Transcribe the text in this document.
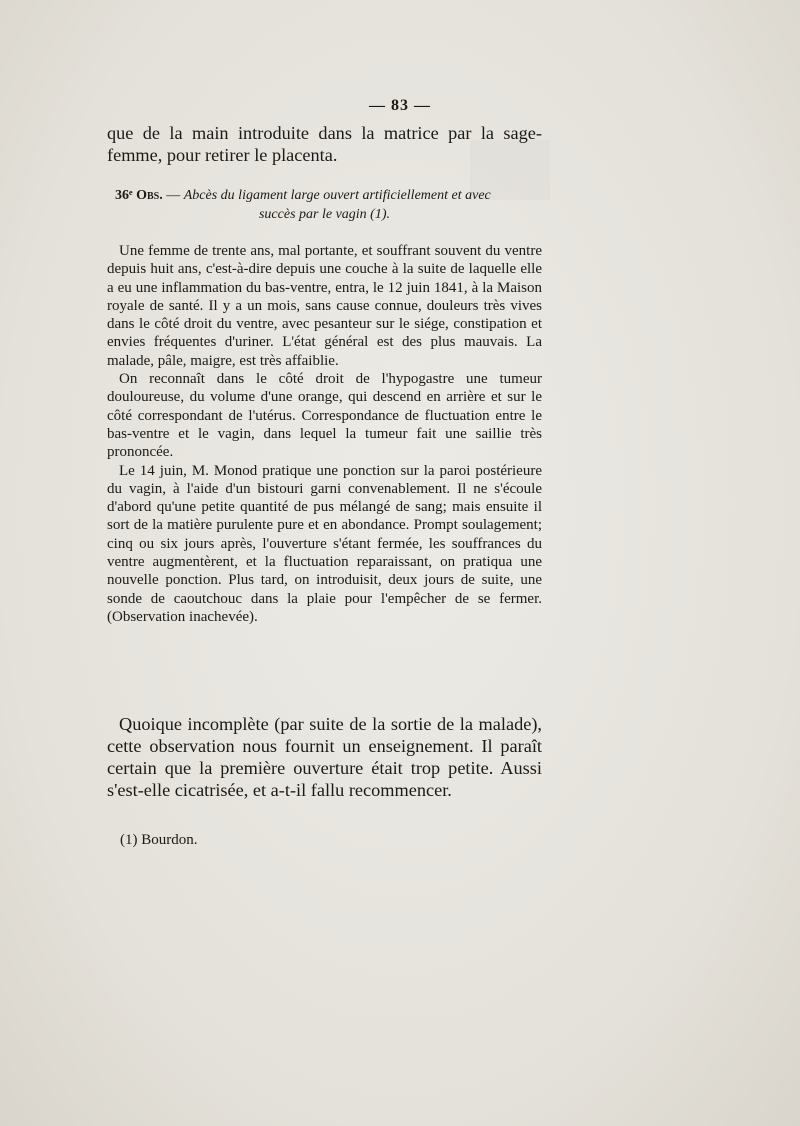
— 83 —

que de la main introduite dans la matrice par la sage-femme, pour retirer le placenta.

36ᵉ Obs. — Abcès du ligament large ouvert artificiellement et avec
succès par le vagin (1).

Une femme de trente ans, mal portante, et souffrant souvent du ventre depuis huit ans, c'est-à-dire depuis une couche à la suite de laquelle elle a eu une inflammation du bas-ventre, entra, le 12 juin 1841, à la Maison royale de santé. Il y a un mois, sans cause connue, douleurs très vives dans le côté droit du ventre, avec pesanteur sur le siége, constipation et envies fréquentes d'uriner. L'état général est des plus mauvais. La malade, pâle, maigre, est très affaiblie.

On reconnaît dans le côté droit de l'hypogastre une tumeur douloureuse, du volume d'une orange, qui descend en arrière et sur le côté correspondant de l'utérus. Correspondance de fluctuation entre le bas-ventre et le vagin, dans lequel la tumeur fait une saillie très prononcée.

Le 14 juin, M. Monod pratique une ponction sur la paroi postérieure du vagin, à l'aide d'un bistouri garni convenablement. Il ne s'écoule d'abord qu'une petite quantité de pus mélangé de sang; mais ensuite il sort de la matière purulente pure et en abondance. Prompt soulagement; cinq ou six jours après, l'ouverture s'étant fermée, les souffrances du ventre augmentèrent, et la fluctuation reparaissant, on pratiqua une nouvelle ponction. Plus tard, on introduisit, deux jours de suite, une sonde de caoutchouc dans la plaie pour l'empêcher de se fermer. (Observation inachevée).

Quoique incomplète (par suite de la sortie de la malade), cette observation nous fournit un enseignement. Il paraît certain que la première ouverture était trop petite. Aussi s'est-elle cicatrisée, et a-t-il fallu recommencer.

(1) Bourdon.
